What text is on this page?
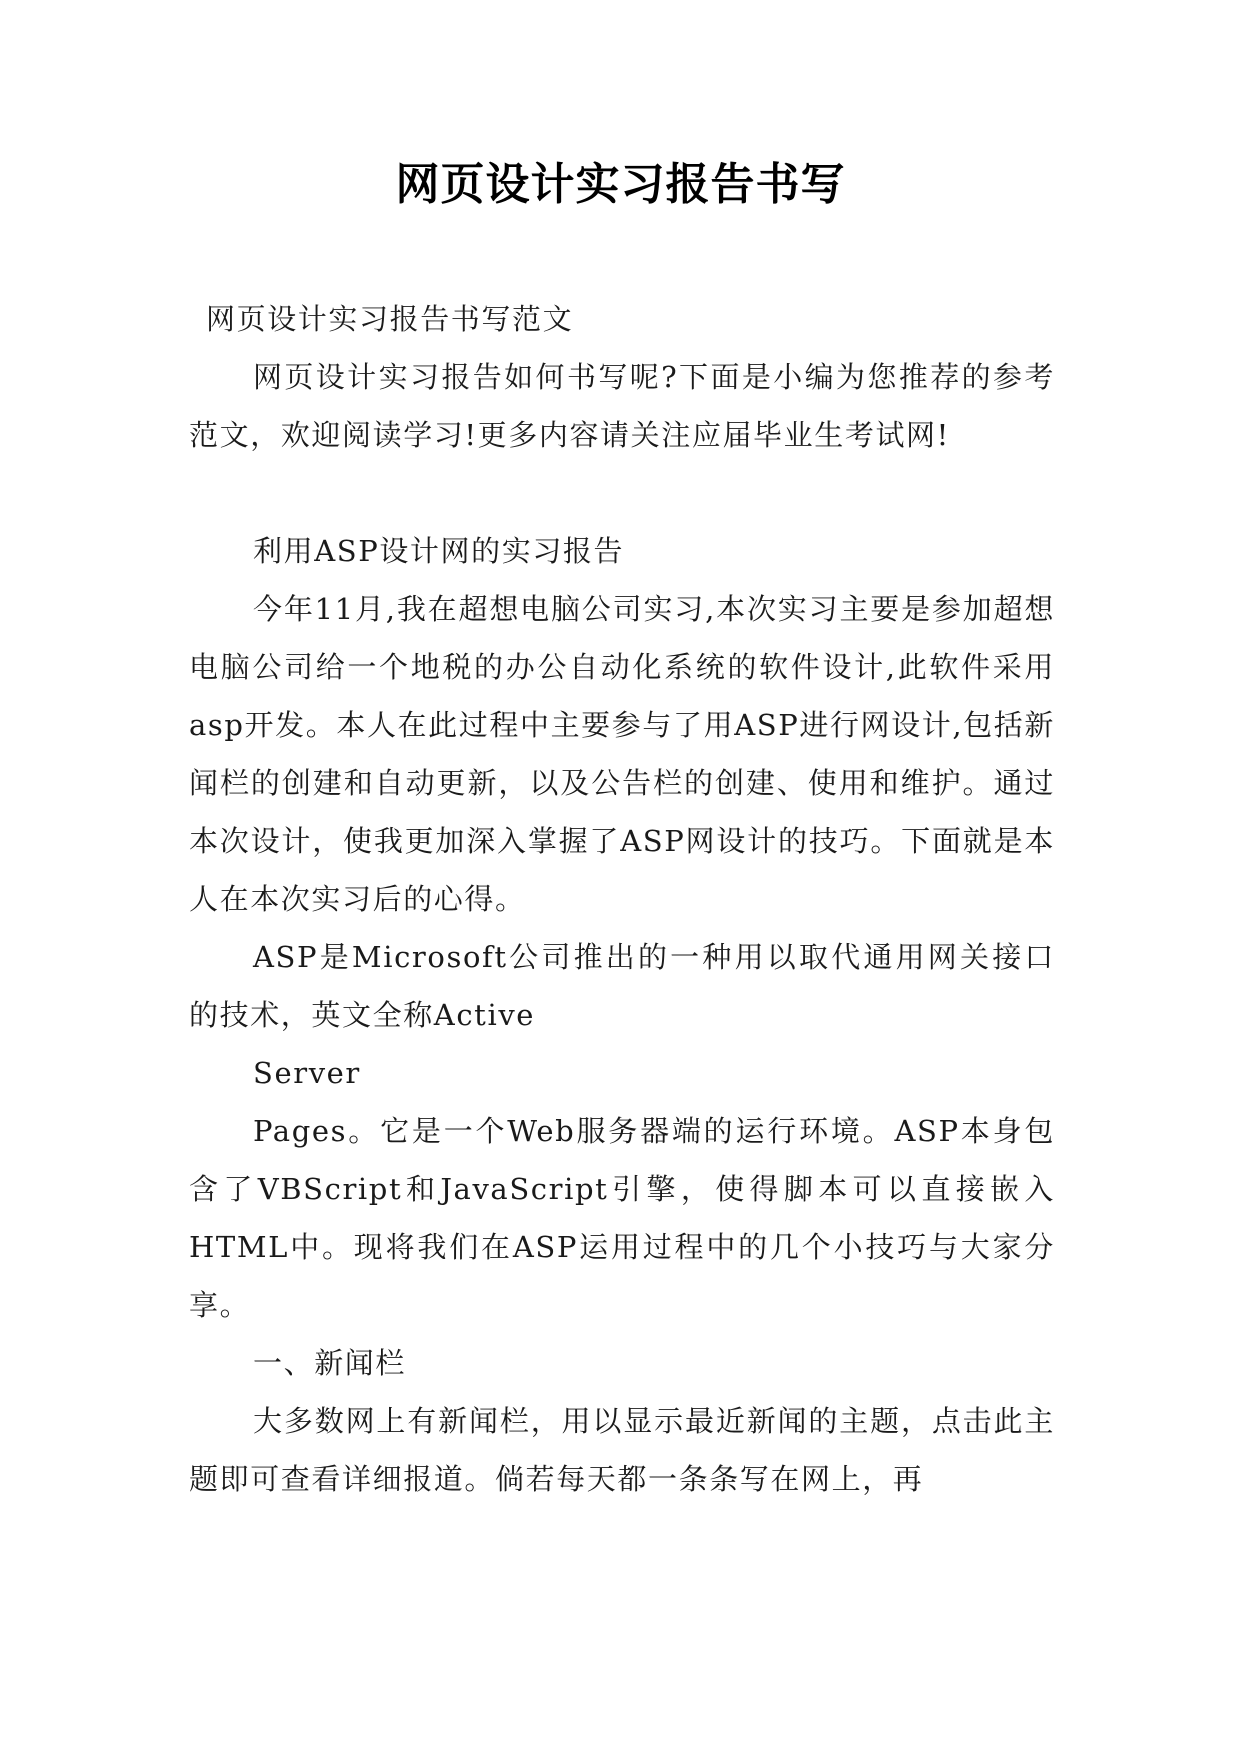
网页设计实习报告书写

网页设计实习报告书写范文

网页设计实习报告如何书写呢?下面是小编为您推荐的参考范文，欢迎阅读学习!更多内容请关注应届毕业生考试网!

利用ASP设计网的实习报告

今年11月,我在超想电脑公司实习,本次实习主要是参加超想电脑公司给一个地税的办公自动化系统的软件设计,此软件采用asp开发。本人在此过程中主要参与了用ASP进行网设计,包括新闻栏的创建和自动更新，以及公告栏的创建、使用和维护。通过本次设计，使我更加深入掌握了ASP网设计的技巧。下面就是本人在本次实习后的心得。

ASP是Microsoft公司推出的一种用以取代通用网关接口的技术，英文全称Active

Server

Pages。它是一个Web服务器端的运行环境。ASP本身包含了VBScript和JavaScript引擎，使得脚本可以直接嵌入HTML中。现将我们在ASP运用过程中的几个小技巧与大家分享。

一、新闻栏

大多数网上有新闻栏，用以显示最近新闻的主题，点击此主题即可查看详细报道。倘若每天都一条条写在网上，再
